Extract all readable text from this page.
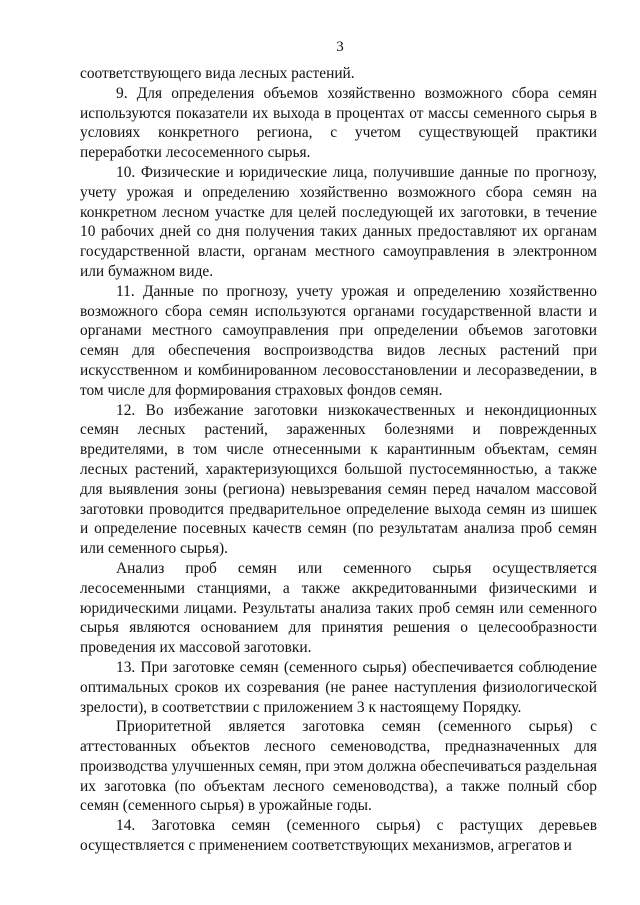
3

соответствующего вида лесных растений.

9. Для определения объемов хозяйственно возможного сбора семян используются показатели их выхода в процентах от массы семенного сырья в условиях конкретного региона, с учетом существующей практики переработки лесосеменного сырья.

10. Физические и юридические лица, получившие данные по прогнозу, учету урожая и определению хозяйственно возможного сбора семян на конкретном лесном участке для целей последующей их заготовки, в течение 10 рабочих дней со дня получения таких данных предоставляют их органам государственной власти, органам местного самоуправления в электронном или бумажном виде.

11. Данные по прогнозу, учету урожая и определению хозяйственно возможного сбора семян используются органами государственной власти и органами местного самоуправления при определении объемов заготовки семян для обеспечения воспроизводства видов лесных растений при искусственном и комбинированном лесовосстановлении и лесоразведении, в том числе для формирования страховых фондов семян.

12. Во избежание заготовки низкокачественных и некондиционных семян лесных растений, зараженных болезнями и поврежденных вредителями, в том числе отнесенными к карантинным объектам, семян лесных растений, характеризующихся большой пустосемянностью, а также для выявления зоны (региона) невызревания семян перед началом массовой заготовки проводится предварительное определение выхода семян из шишек и определение посевных качеств семян (по результатам анализа проб семян или семенного сырья).

Анализ проб семян или семенного сырья осуществляется лесосеменными станциями, а также аккредитованными физическими и юридическими лицами. Результаты анализа таких проб семян или семенного сырья являются основанием для принятия решения о целесообразности проведения их массовой заготовки.

13. При заготовке семян (семенного сырья) обеспечивается соблюдение оптимальных сроков их созревания (не ранее наступления физиологической зрелости), в соответствии с приложением 3 к настоящему Порядку.

Приоритетной является заготовка семян (семенного сырья) с аттестованных объектов лесного семеноводства, предназначенных для производства улучшенных семян, при этом должна обеспечиваться раздельная их заготовка (по объектам лесного семеноводства), а также полный сбор семян (семенного сырья) в урожайные годы.

14. Заготовка семян (семенного сырья) с растущих деревьев осуществляется с применением соответствующих механизмов, агрегатов и
